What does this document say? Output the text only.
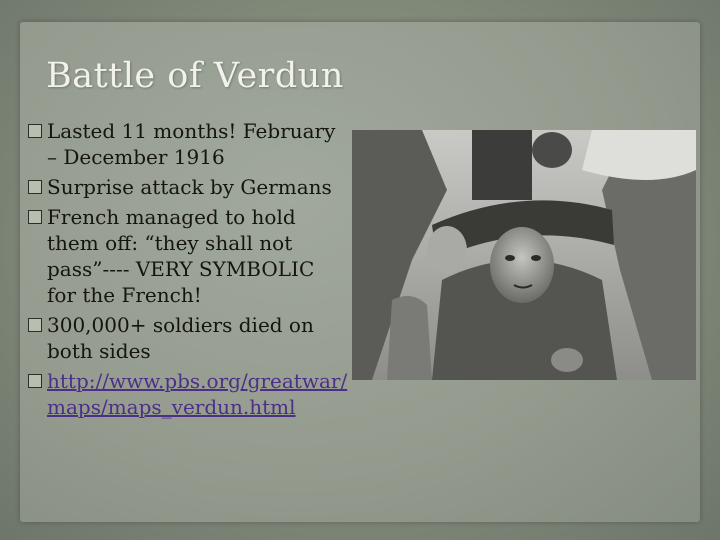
Battle of Verdun
Lasted 11 months! February – December 1916
Surprise attack by Germans
French managed to hold them off: “they shall not pass”---- VERY SYMBOLIC for the French!
300,000+ soldiers died on both sides
http://www.pbs.org/greatwar/maps/maps_verdun.html
